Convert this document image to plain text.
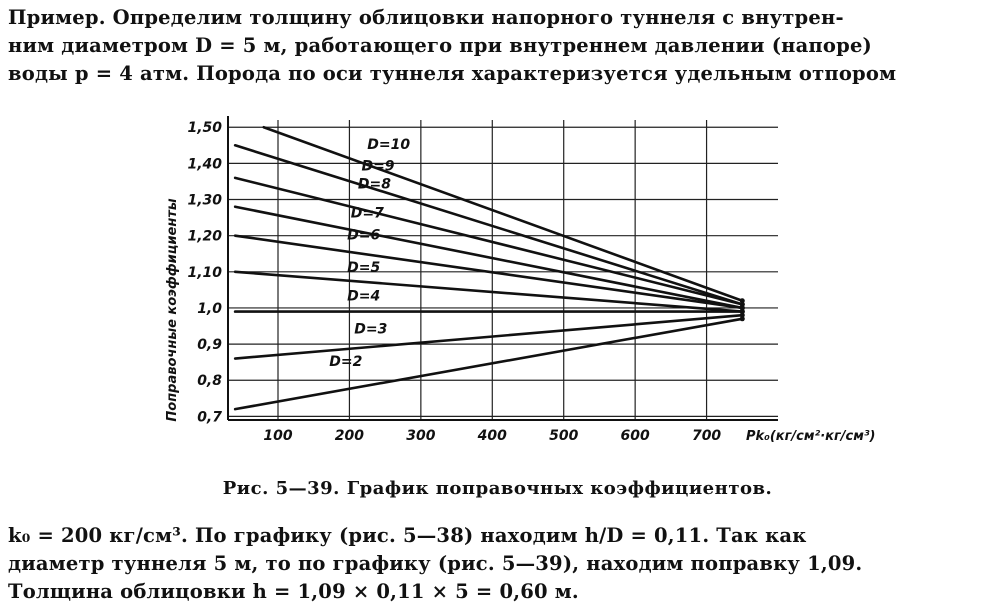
Пример. Определим толщину облицовки напорного туннеля с внутрен-
ним диаметром D = 5 м, работающего при внутреннем давлении (напоре)
воды p = 4 атм. Порода по оси туннеля характеризуется удельным отпором
100	200	300	400	500	600	700
0,7
0,8
0,9
1,0
1,10
1,20
1,30
1,40
1,50
D=10
D=9
D=8
D=7
D=6
D=5
D=4
D=3
D=2
Поправочные коэффициенты
Pk₀(кг/см²·кг/см³)
Рис. 5—39. График поправочных коэффициентов.
k₀ = 200 кг/см³. По графику (рис. 5—38) находим h/D = 0,11. Так как
диаметр туннеля 5 м, то по графику (рис. 5—39), находим поправку 1,09.
Толщина облицовки h = 1,09 × 0,11 × 5 = 0,60 м.
